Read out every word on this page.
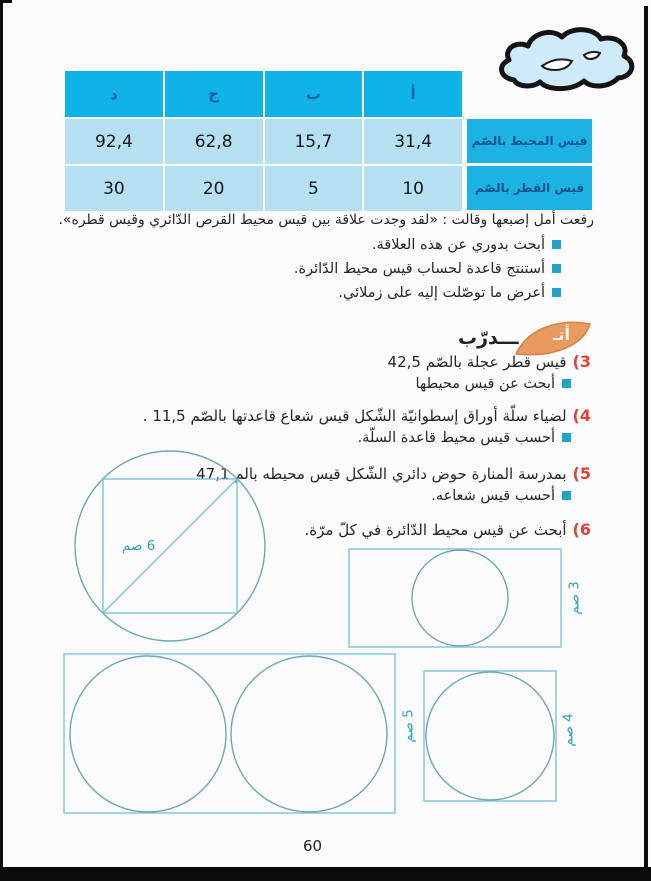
أ
ب
ج
د
31,4
15,7
62,8
92,4
10
5
20
30
قيس المحيط بالصّم
قيس القطر بالصّم
رفعت أمل إصبعها وقالت : «لقد وجدت علاقة بين قيس محيط القرص الدّائري وقيس قطره».
أبحث بدوري عن هذه العلاقة.
أستنتج قاعدة لحساب قيس محيط الدّائرة.
أعرض ما توصّلت إليه على زملائي.
أتـ
ـــدرّب
(3قيس قطر عجلة بالصّم 42,5
أبحث عن قيس محيطها
(4لضياء سلّة أوراق إسطوانيّة الشّكل قيس شعاع قاعدتها بالصّم 11,5 .
أحسب قيس محيط قاعدة السلّة.
(5بمدرسة المنارة حوض دائري الشّكل قيس محيطه بالم 47,1
أحسب قيس شعاعه.
(6أبحث عن قيس محيط الدّائرة في كلّ مرّة.
6 صم
3 صم
5 صم
4 صم
60
